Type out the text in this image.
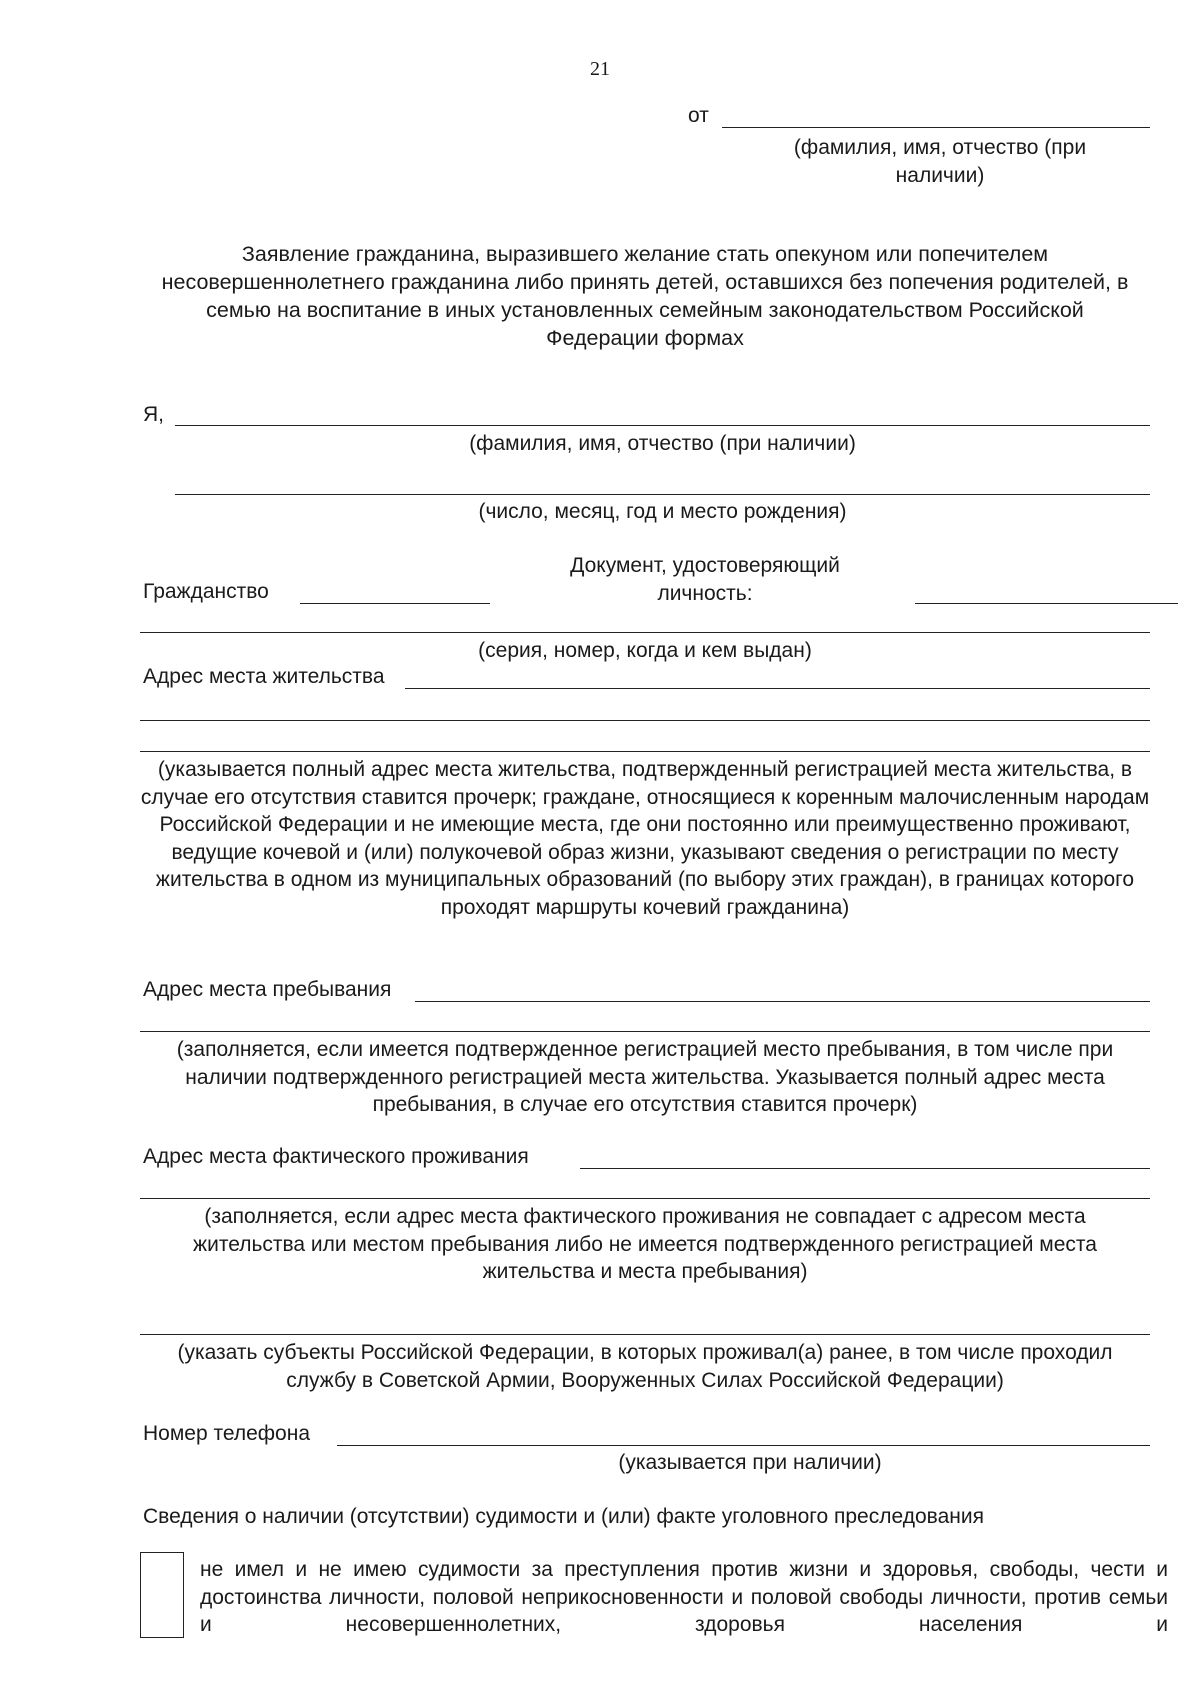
21
от
(фамилия, имя, отчество (при наличии)
Заявление гражданина, выразившего желание стать опекуном или попечителем несовершеннолетнего гражданина либо принять детей, оставшихся без попечения родителей, в семью на воспитание в иных установленных семейным законодательством Российской Федерации формах
Я,
(фамилия, имя, отчество (при наличии)
(число, месяц, год и место рождения)
Гражданство
Документ, удостоверяющий
личность:
(серия, номер, когда и кем выдан)
Адрес места жительства
(указывается полный адрес места жительства, подтвержденный регистрацией места жительства, в случае его отсутствия ставится прочерк; граждане, относящиеся к коренным малочисленным народам Российской Федерации и не имеющие места, где они постоянно или преимущественно проживают, ведущие кочевой и (или) полукочевой образ жизни, указывают сведения о регистрации по месту жительства в одном из муниципальных образований (по выбору этих граждан), в границах которого проходят маршруты кочевий гражданина)
Адрес места пребывания
(заполняется, если имеется подтвержденное регистрацией место пребывания, в том числе при наличии подтвержденного регистрацией места жительства. Указывается полный адрес места пребывания, в случае его отсутствия ставится прочерк)
Адрес места фактического проживания
(заполняется, если адрес места фактического проживания не совпадает с адресом места жительства или местом пребывания либо не имеется подтвержденного регистрацией места жительства и места пребывания)
(указать субъекты Российской Федерации, в которых проживал(а) ранее, в том числе проходил службу в Советской Армии, Вооруженных Силах Российской Федерации)
Номер телефона
(указывается при наличии)
Сведения о наличии (отсутствии) судимости и (или) факте уголовного преследования
не имел и не имею судимости за преступления против жизни и здоровья, свободы, чести и достоинства личности, половой неприкосновенности и половой свободы личности, против семьи и несовершеннолетних, здоровья населения и
